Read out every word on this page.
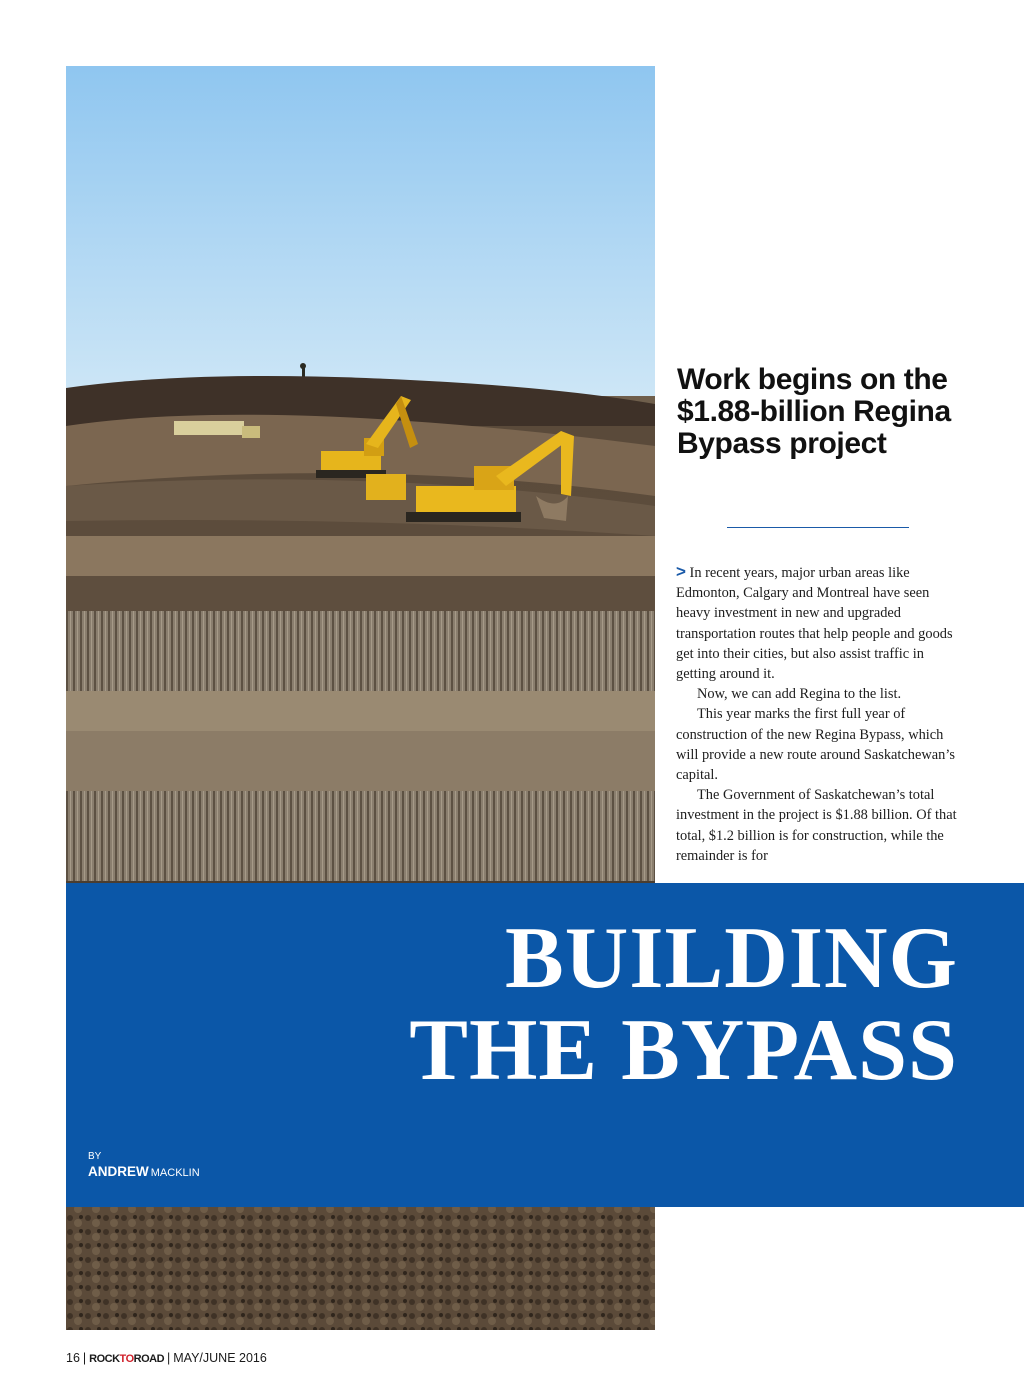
Work begins on the $1.88-billion Regina Bypass project

> In recent years, major urban areas like Edmonton, Calgary and Montreal have seen heavy investment in new and upgraded transportation routes that help people and goods get into their cities, but also assist traffic in getting around it.

Now, we can add Regina to the list.

This year marks the first full year of construction of the new Regina Bypass, which will provide a new route around Saskatchewan’s capital.

The Government of Saskatchewan’s total investment in the project is $1.88 billion. Of that total, $1.2 billion is for construction, while the remainder is for

BUILDING
THE BYPASS
BY
ANDREW MACKLIN
16 | ROCKTOROAD | MAY/JUNE 2016
